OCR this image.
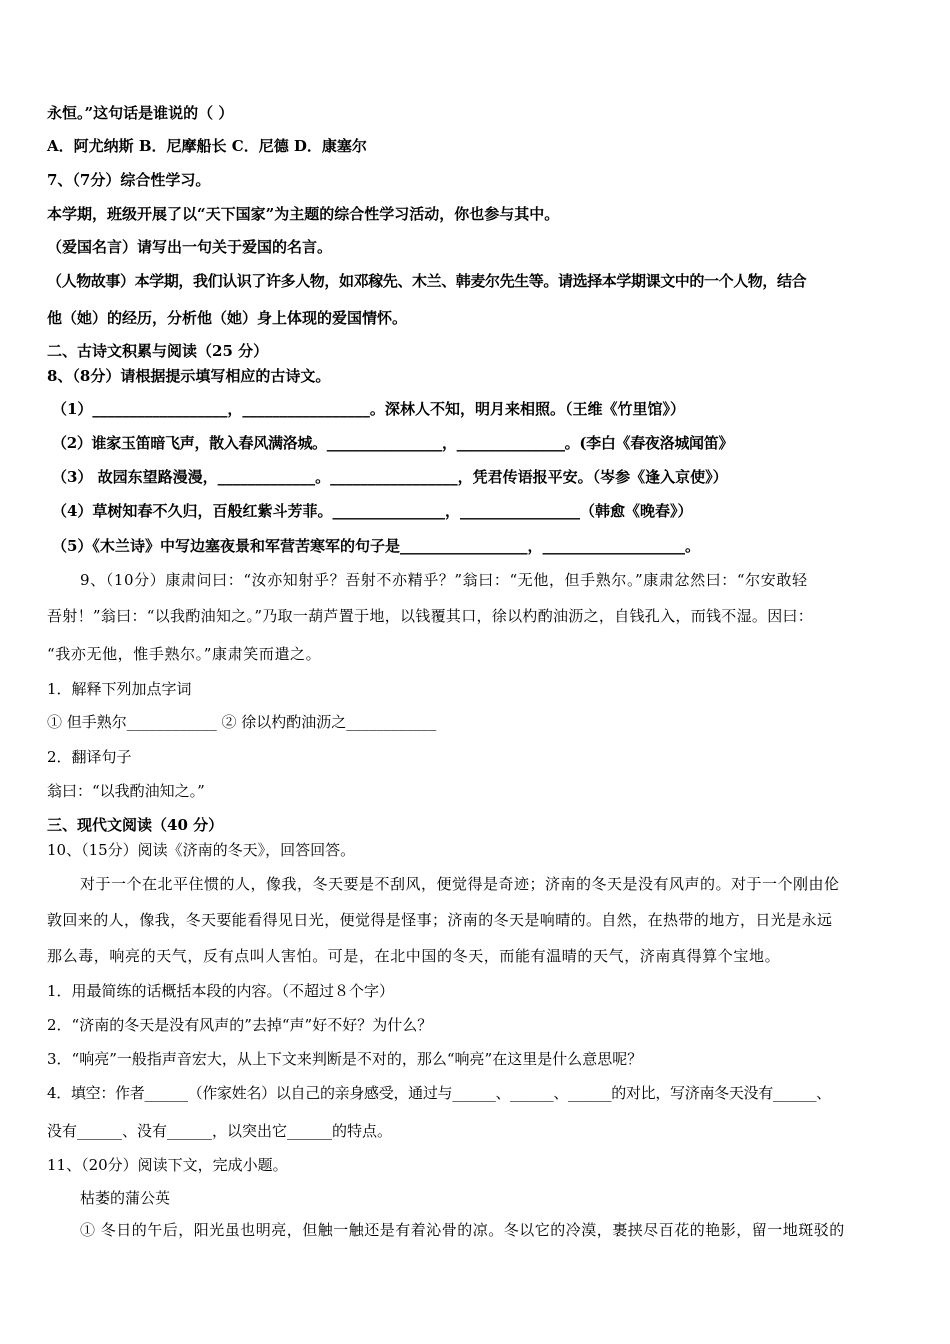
永恒。”这句话是谁说的（ ）
A．阿尤纳斯 B．尼摩船长 C．尼德 D．康塞尔
7、（7分）综合性学习。
本学期，班级开展了以“天下国家”为主题的综合性学习活动，你也参与其中。
（爱国名言）请写出一句关于爱国的名言。
（人物故事）本学期，我们认识了许多人物，如邓稼先、木兰、韩麦尔先生等。请选择本学期课文中的一个人物，结合
他（她）的经历，分析他（她）身上体现的爱国情怀。
二、古诗文积累与阅读（25 分）
8、（8分）请根据提示填写相应的古诗文。
（1）__________________，_________________。深林人不知，明月来相照。（王维《竹里馆》）
（2）谁家玉笛暗飞声，散入春风满洛城。________________，_______________。(李白《春夜洛城闻笛》
（3） 故园东望路漫漫，_____________。_________________，凭君传语报平安。（岑参《逢入京使》）
（4）草树知春不久归，百般红紫斗芳菲。_______________，________________（韩愈《晚春》）
（5）《木兰诗》中写边塞夜景和军营苦寒军的句子是_________________，___________________。
9、（10分）康肃问曰：“汝亦知射乎？吾射不亦精乎？”翁曰：“无他，但手熟尔。”康肃忿然曰：“尔安敢轻
吾射！”翁曰：“以我酌油知之。”乃取一葫芦置于地，以钱覆其口，徐以杓酌油沥之，自钱孔入，而钱不湿。因曰：
“我亦无他，惟手熟尔。”康肃笑而遣之。
1．解释下列加点字词
① 但手熟尔____________ ② 徐以杓酌油沥之____________
2．翻译句子
翁曰：“以我酌油知之。”
三、现代文阅读（40 分）
10、（15分）阅读《济南的冬天》，回答回答。
对于一个在北平住惯的人，像我，冬天要是不刮风，便觉得是奇迹；济南的冬天是没有风声的。对于一个刚由伦
敦回来的人，像我，冬天要能看得见日光，便觉得是怪事；济南的冬天是响晴的。自然，在热带的地方，日光是永远
那么毒，响亮的天气，反有点叫人害怕。可是，在北中国的冬天，而能有温晴的天气，济南真得算个宝地。
1．用最简练的话概括本段的内容。（不超过８个字）
2．“济南的冬天是没有风声的”去掉“声”好不好？为什么？
3．“响亮”一般指声音宏大，从上下文来判断是不对的，那么“响亮”在这里是什么意思呢？
4．填空：作者______（作家姓名）以自己的亲身感受，通过与______、______、______的对比，写济南冬天没有______、
没有______、没有______，以突出它______的特点。
11、（20分）阅读下文，完成小题。
枯萎的蒲公英
① 冬日的午后，阳光虽也明亮，但触一触还是有着沁骨的凉。冬以它的冷漠，裹挟尽百花的艳影，留一地斑驳的
